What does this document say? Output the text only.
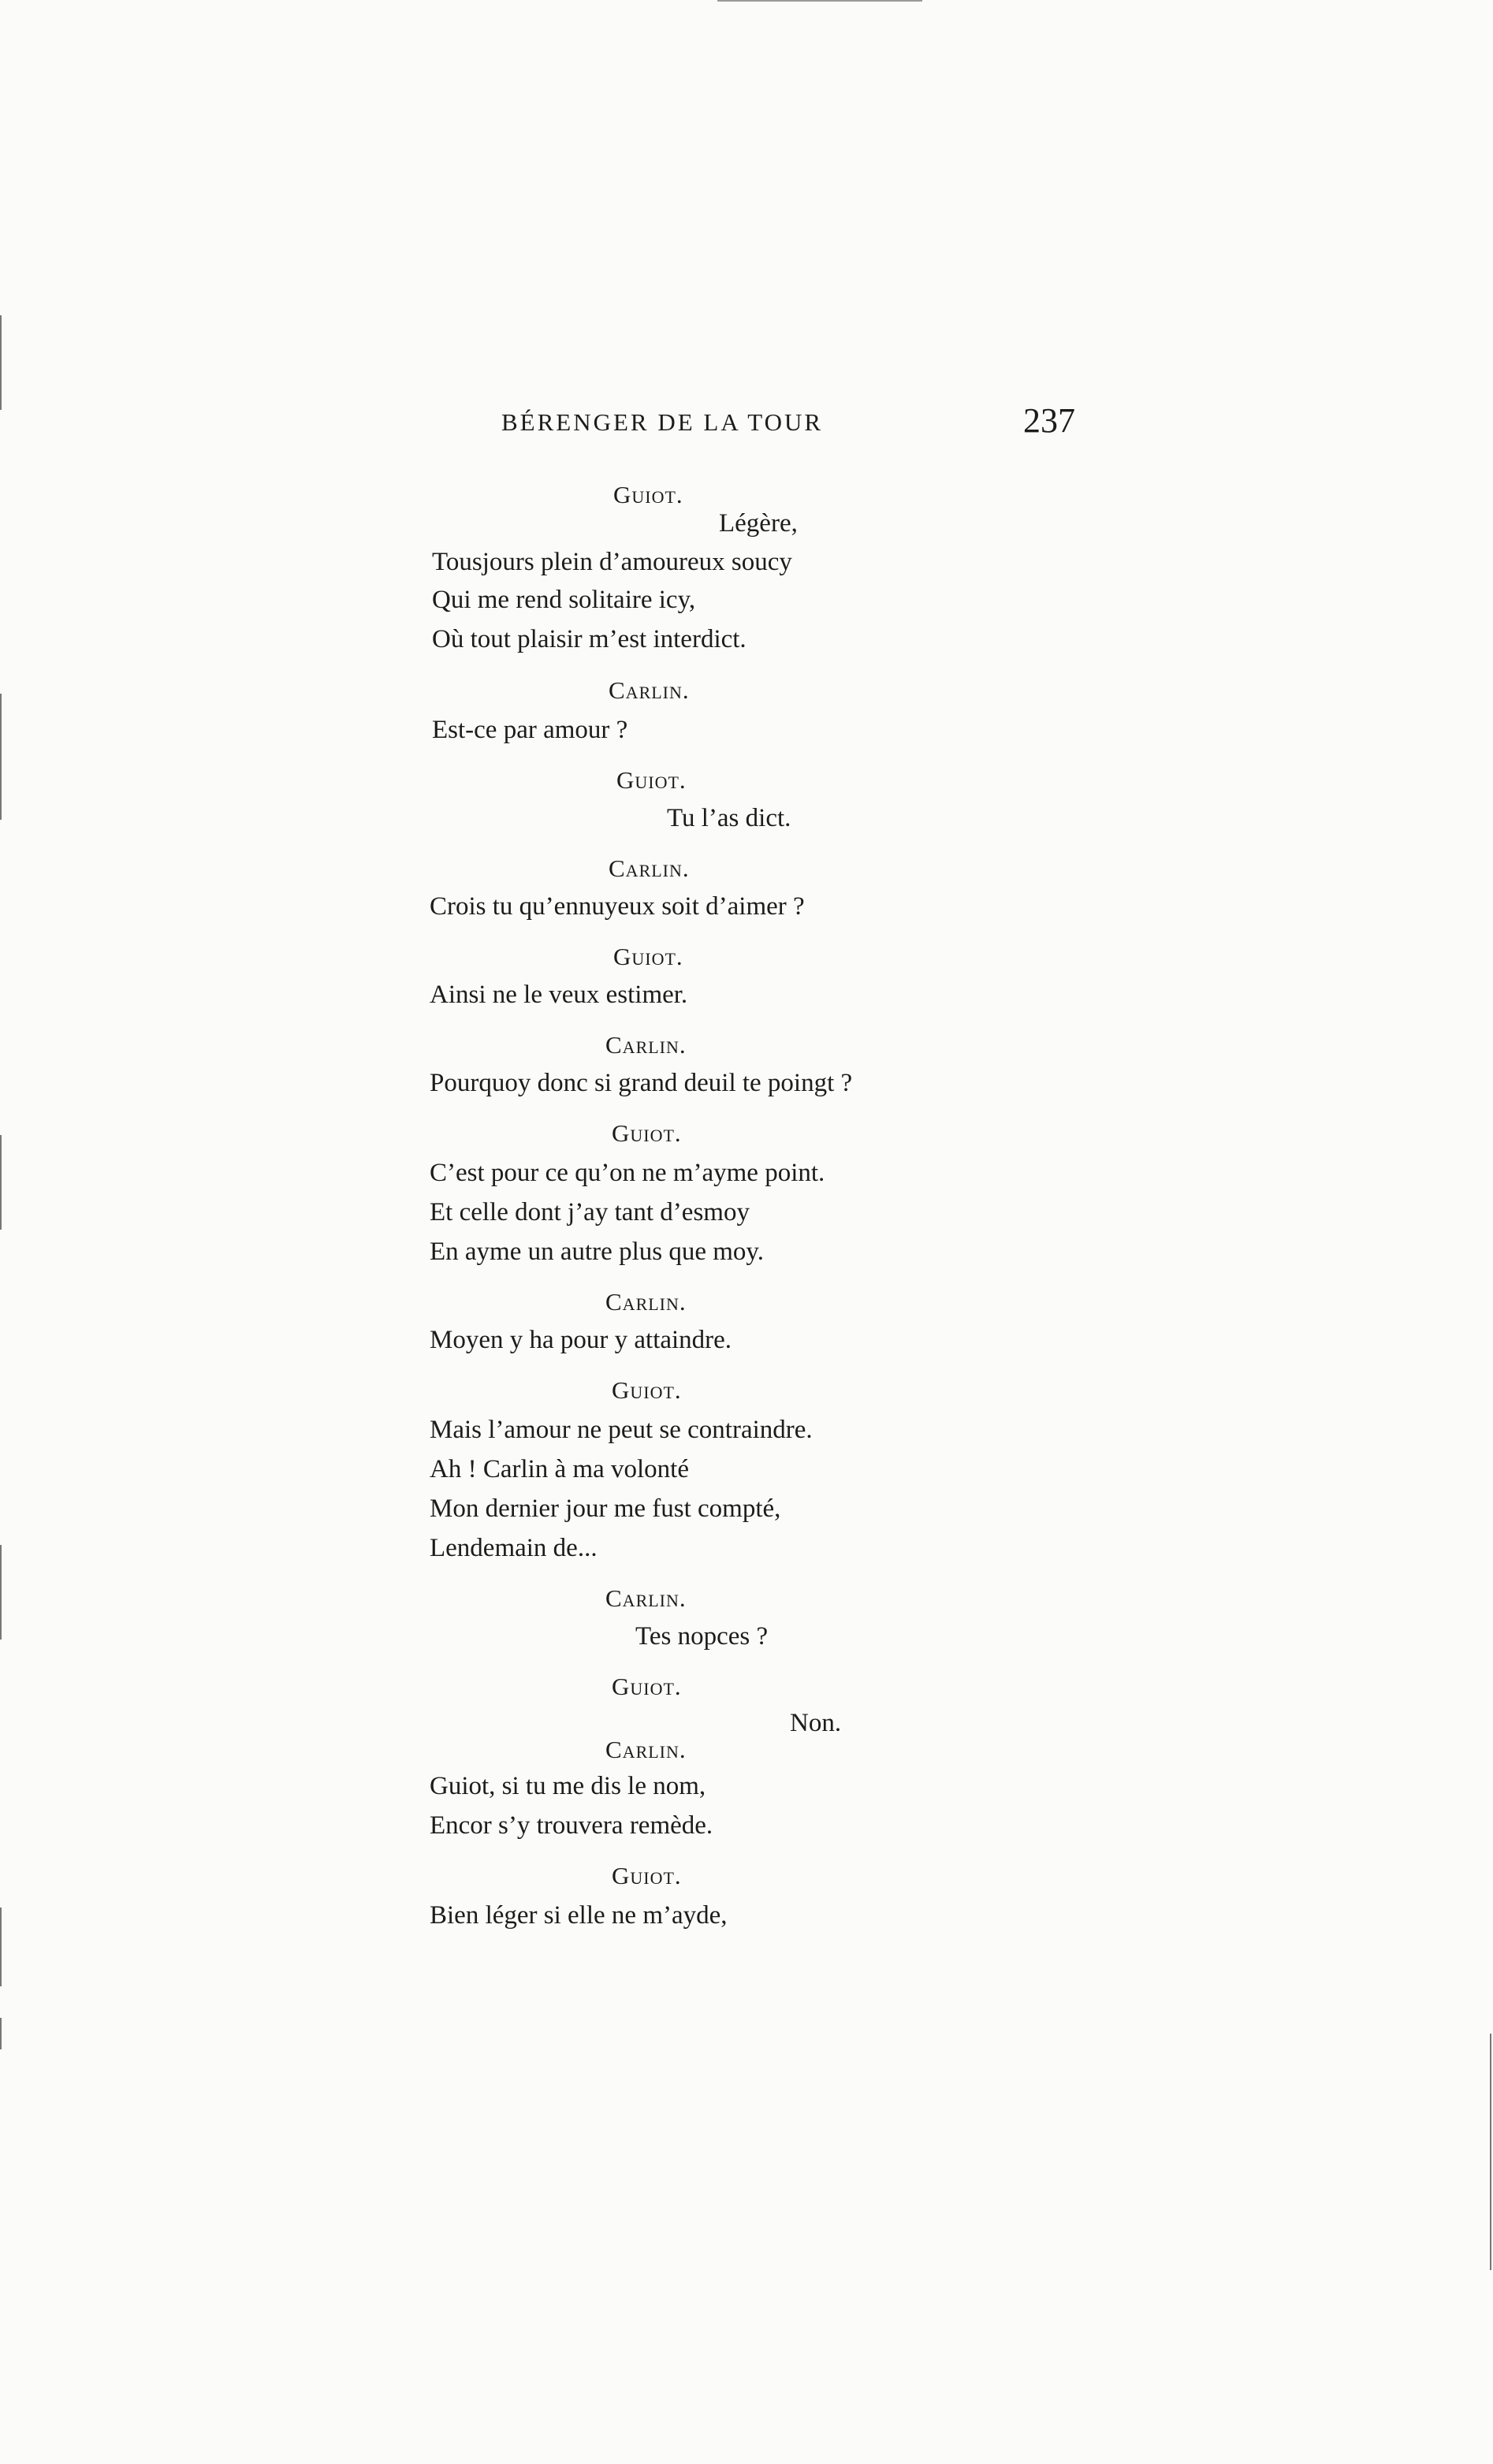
BÉRENGER DE LA TOUR	237
Guiot.
Légère,
Tousjours plein d’amoureux soucy
Qui me rend solitaire icy,
Où tout plaisir m’est interdict.
Carlin.
Est-ce par amour ?
Guiot.
Tu l’as dict.
Carlin.
Crois tu qu’ennuyeux soit d’aimer ?
Guiot.
Ainsi ne le veux estimer.
Carlin.
Pourquoy donc si grand deuil te poingt ?
Guiot.
C’est pour ce qu’on ne m’ayme point.
Et celle dont j’ay tant d’esmoy
En ayme un autre plus que moy.
Carlin.
Moyen y ha pour y attaindre.
Guiot.
Mais l’amour ne peut se contraindre.
Ah ! Carlin à ma volonté
Mon dernier jour me fust compté,
Lendemain de...
Carlin.
Tes nopces ?
Guiot.
Non.
Carlin.
Guiot, si tu me dis le nom,
Encor s’y trouvera remède.
Guiot.
Bien léger si elle ne m’ayde,
